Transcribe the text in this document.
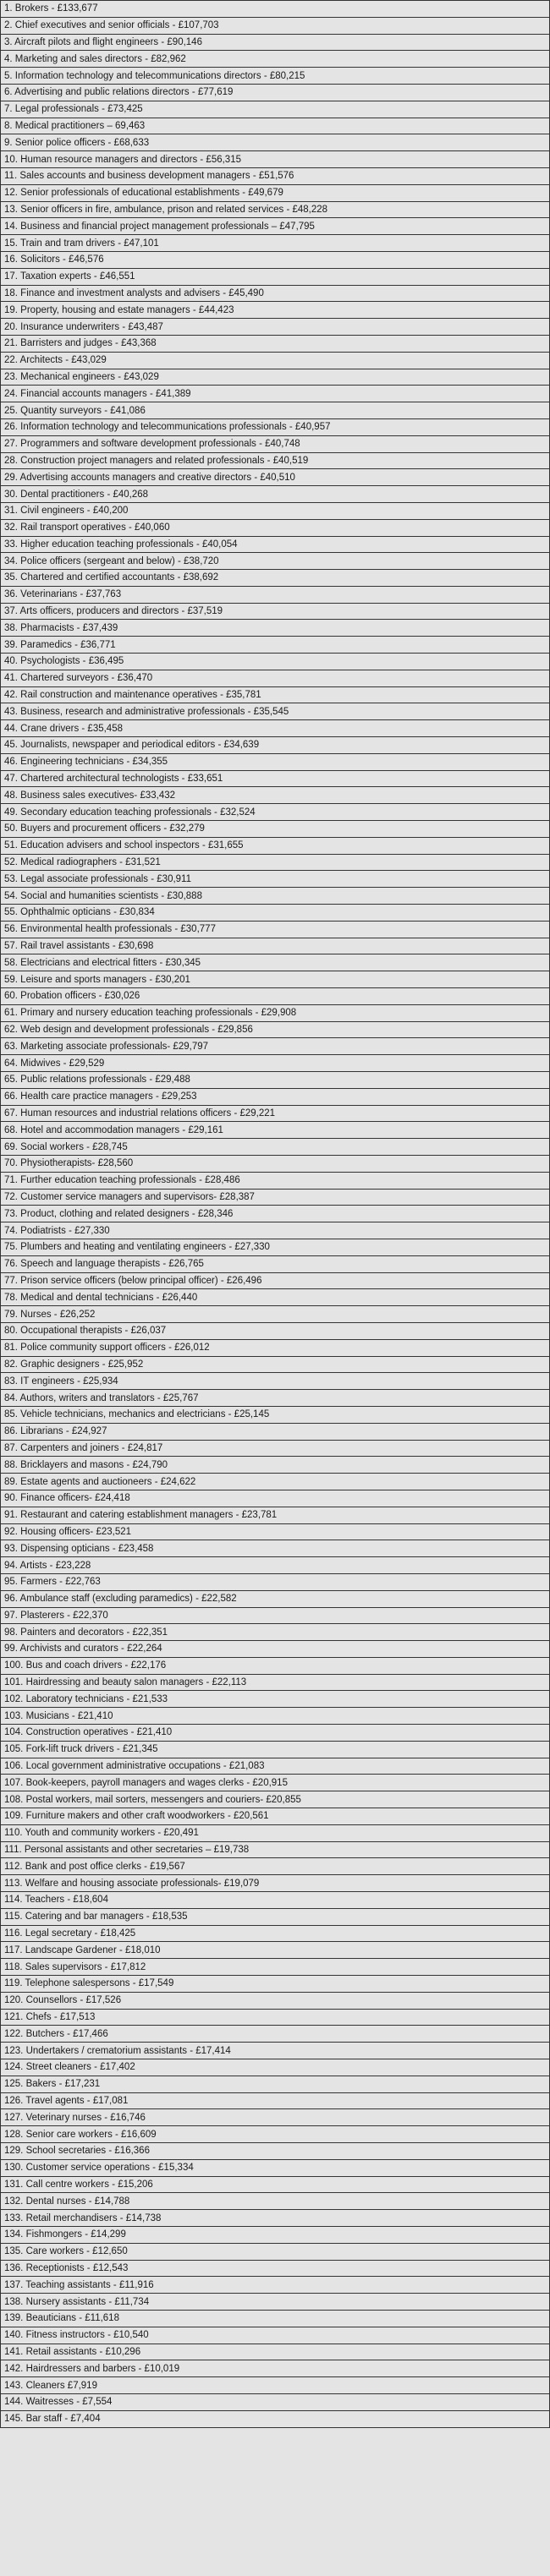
1. Brokers - £133,677
2. Chief executives and senior officials - £107,703
3. Aircraft pilots and flight engineers - £90,146
4. Marketing and sales directors - £82,962
5. Information technology and telecommunications directors - £80,215
6. Advertising and public relations directors - £77,619
7. Legal professionals - £73,425
8. Medical practitioners – 69,463
9. Senior police officers - £68,633
10. Human resource managers and directors - £56,315
11. Sales accounts and business development managers - £51,576
12. Senior professionals of educational establishments - £49,679
13. Senior officers in fire, ambulance, prison and related services - £48,228
14. Business and financial project management professionals – £47,795
15. Train and tram drivers - £47,101
16. Solicitors - £46,576
17. Taxation experts - £46,551
18. Finance and investment analysts and advisers - £45,490
19. Property, housing and estate managers - £44,423
20. Insurance underwriters - £43,487
21. Barristers and judges - £43,368
22. Architects - £43,029
23. Mechanical engineers - £43,029
24. Financial accounts managers - £41,389
25. Quantity surveyors - £41,086
26. Information technology and telecommunications professionals - £40,957
27. Programmers and software development professionals - £40,748
28. Construction project managers and related professionals - £40,519
29. Advertising accounts managers and creative directors - £40,510
30. Dental practitioners - £40,268
31. Civil engineers - £40,200
32. Rail transport operatives - £40,060
33. Higher education teaching professionals - £40,054
34. Police officers (sergeant and below) - £38,720
35. Chartered and certified accountants - £38,692
36. Veterinarians - £37,763
37. Arts officers, producers and directors - £37,519
38. Pharmacists - £37,439
39. Paramedics - £36,771
40. Psychologists - £36,495
41. Chartered surveyors - £36,470
42. Rail construction and maintenance operatives - £35,781
43. Business, research and administrative professionals - £35,545
44. Crane drivers - £35,458
45. Journalists, newspaper and periodical editors - £34,639
46. Engineering technicians - £34,355
47. Chartered architectural technologists - £33,651
48. Business sales executives- £33,432
49. Secondary education teaching professionals - £32,524
50. Buyers and procurement officers - £32,279
51. Education advisers and school inspectors - £31,655
52. Medical radiographers - £31,521
53. Legal associate professionals - £30,911
54. Social and humanities scientists - £30,888
55. Ophthalmic opticians - £30,834
56. Environmental health professionals - £30,777
57. Rail travel assistants - £30,698
58. Electricians and electrical fitters - £30,345
59. Leisure and sports managers - £30,201
60. Probation officers - £30,026
61. Primary and nursery education teaching professionals - £29,908
62. Web design and development professionals - £29,856
63. Marketing associate professionals- £29,797
64. Midwives - £29,529
65. Public relations professionals - £29,488
66. Health care practice managers - £29,253
67. Human resources and industrial relations officers - £29,221
68. Hotel and accommodation managers - £29,161
69. Social workers - £28,745
70. Physiotherapists- £28,560
71. Further education teaching professionals - £28,486
72. Customer service managers and supervisors- £28,387
73. Product, clothing and related designers - £28,346
74. Podiatrists - £27,330
75. Plumbers and heating and ventilating engineers - £27,330
76. Speech and language therapists - £26,765
77. Prison service officers (below principal officer) - £26,496
78. Medical and dental technicians - £26,440
79. Nurses - £26,252
80. Occupational therapists - £26,037
81. Police community support officers - £26,012
82. Graphic designers - £25,952
83. IT engineers - £25,934
84. Authors, writers and translators - £25,767
85. Vehicle technicians, mechanics and electricians - £25,145
86. Librarians - £24,927
87. Carpenters and joiners - £24,817
88. Bricklayers and masons - £24,790
89. Estate agents and auctioneers - £24,622
90. Finance officers- £24,418
91. Restaurant and catering establishment managers - £23,781
92. Housing officers- £23,521
93. Dispensing opticians - £23,458
94. Artists - £23,228
95. Farmers - £22,763
96. Ambulance staff (excluding paramedics) - £22,582
97. Plasterers - £22,370
98. Painters and decorators - £22,351
99. Archivists and curators - £22,264
100. Bus and coach drivers - £22,176
101. Hairdressing and beauty salon managers - £22,113
102. Laboratory technicians - £21,533
103. Musicians - £21,410
104. Construction operatives - £21,410
105. Fork-lift truck drivers - £21,345
106. Local government administrative occupations - £21,083
107. Book-keepers, payroll managers and wages clerks - £20,915
108. Postal workers, mail sorters, messengers and couriers- £20,855
109. Furniture makers and other craft woodworkers - £20,561
110. Youth and community workers - £20,491
111. Personal assistants and other secretaries – £19,738
112. Bank and post office clerks - £19,567
113. Welfare and housing associate professionals- £19,079
114. Teachers - £18,604
115. Catering and bar managers - £18,535
116. Legal secretary - £18,425
117. Landscape Gardener - £18,010
118. Sales supervisors - £17,812
119. Telephone salespersons - £17,549
120. Counsellors - £17,526
121. Chefs - £17,513
122. Butchers - £17,466
123. Undertakers / crematorium assistants - £17,414
124. Street cleaners - £17,402
125. Bakers - £17,231
126. Travel agents - £17,081
127. Veterinary nurses - £16,746
128. Senior care workers - £16,609
129. School secretaries - £16,366
130. Customer service operations - £15,334
131. Call centre workers - £15,206
132. Dental nurses - £14,788
133. Retail merchandisers - £14,738
134. Fishmongers - £14,299
135. Care workers - £12,650
136. Receptionists - £12,543
137. Teaching assistants - £11,916
138. Nursery assistants - £11,734
139. Beauticians - £11,618
140. Fitness instructors - £10,540
141. Retail assistants - £10,296
142. Hairdressers and barbers - £10,019
143. Cleaners £7,919
144. Waitresses - £7,554
145. Bar staff - £7,404
